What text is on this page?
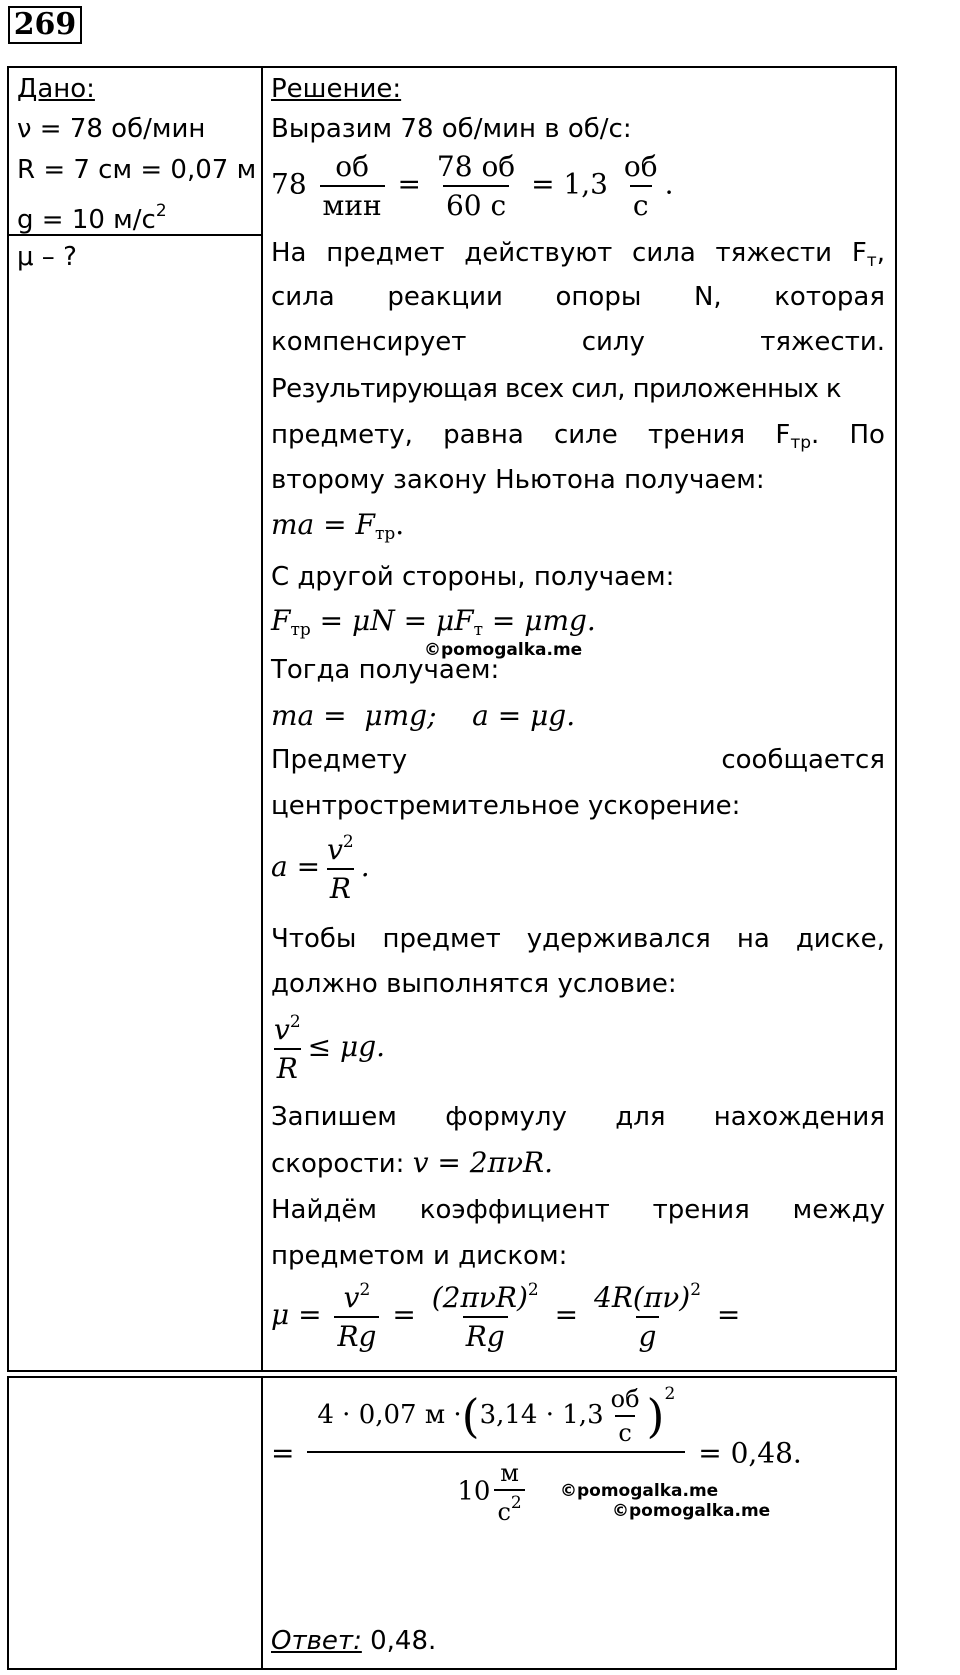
269
Дано:
ν = 78 об/мин
R = 7 см = 0,07 м
g = 10 $м/с^2$
μ – ?
Решение:
Выразим 78 об/мин в об/с:
$78 \frac{об}{\text{мин}} = \frac{78 об}{60 с} = 1,3 \frac{об}{с}$ .
На предмет действуют сила тяжести $F_т$,
сила реакции опоры N, которая
компенсирует	силу	тяжести.
Результирующая всех сил, приложенных к
предмету, равна силе трения $F_{тр}$. По
второму закону Ньютона получаем:
ma = $F_{тр}$.
С другой стороны, получаем:
$F_{тр} = \mu N = \mu F_т = \mu mg$.
©pomogalka.me
Тогда получаем:
ma =  μmg;    a = μg.
Предмету	сообщается
центростремительное ускорение:
$a = \frac{v^2}{R}$ .
Чтобы предмет удерживался на диске,
должно выполнятся условие:
$\frac{v^2}{R} \le \mu g$.
Запишем формулу для нахождения
скорости: v = 2πνR.
Найдём коэффициент трения между
предметом и диском:
$\mu = \frac{v^2}{Rg} = \frac{(2\pi\nu R)^2}{Rg} = \frac{4R(\pi\nu)^2}{g}$ =
= $\frac{4 \cdot 0,07 м \cdot(3,14 \cdot 1,3 \frac{об}{с} )^2}{10 \frac{м}{с^2}} = 0,48$.
©pomogalka.me
©pomogalka.me
Ответ: 0,48.
